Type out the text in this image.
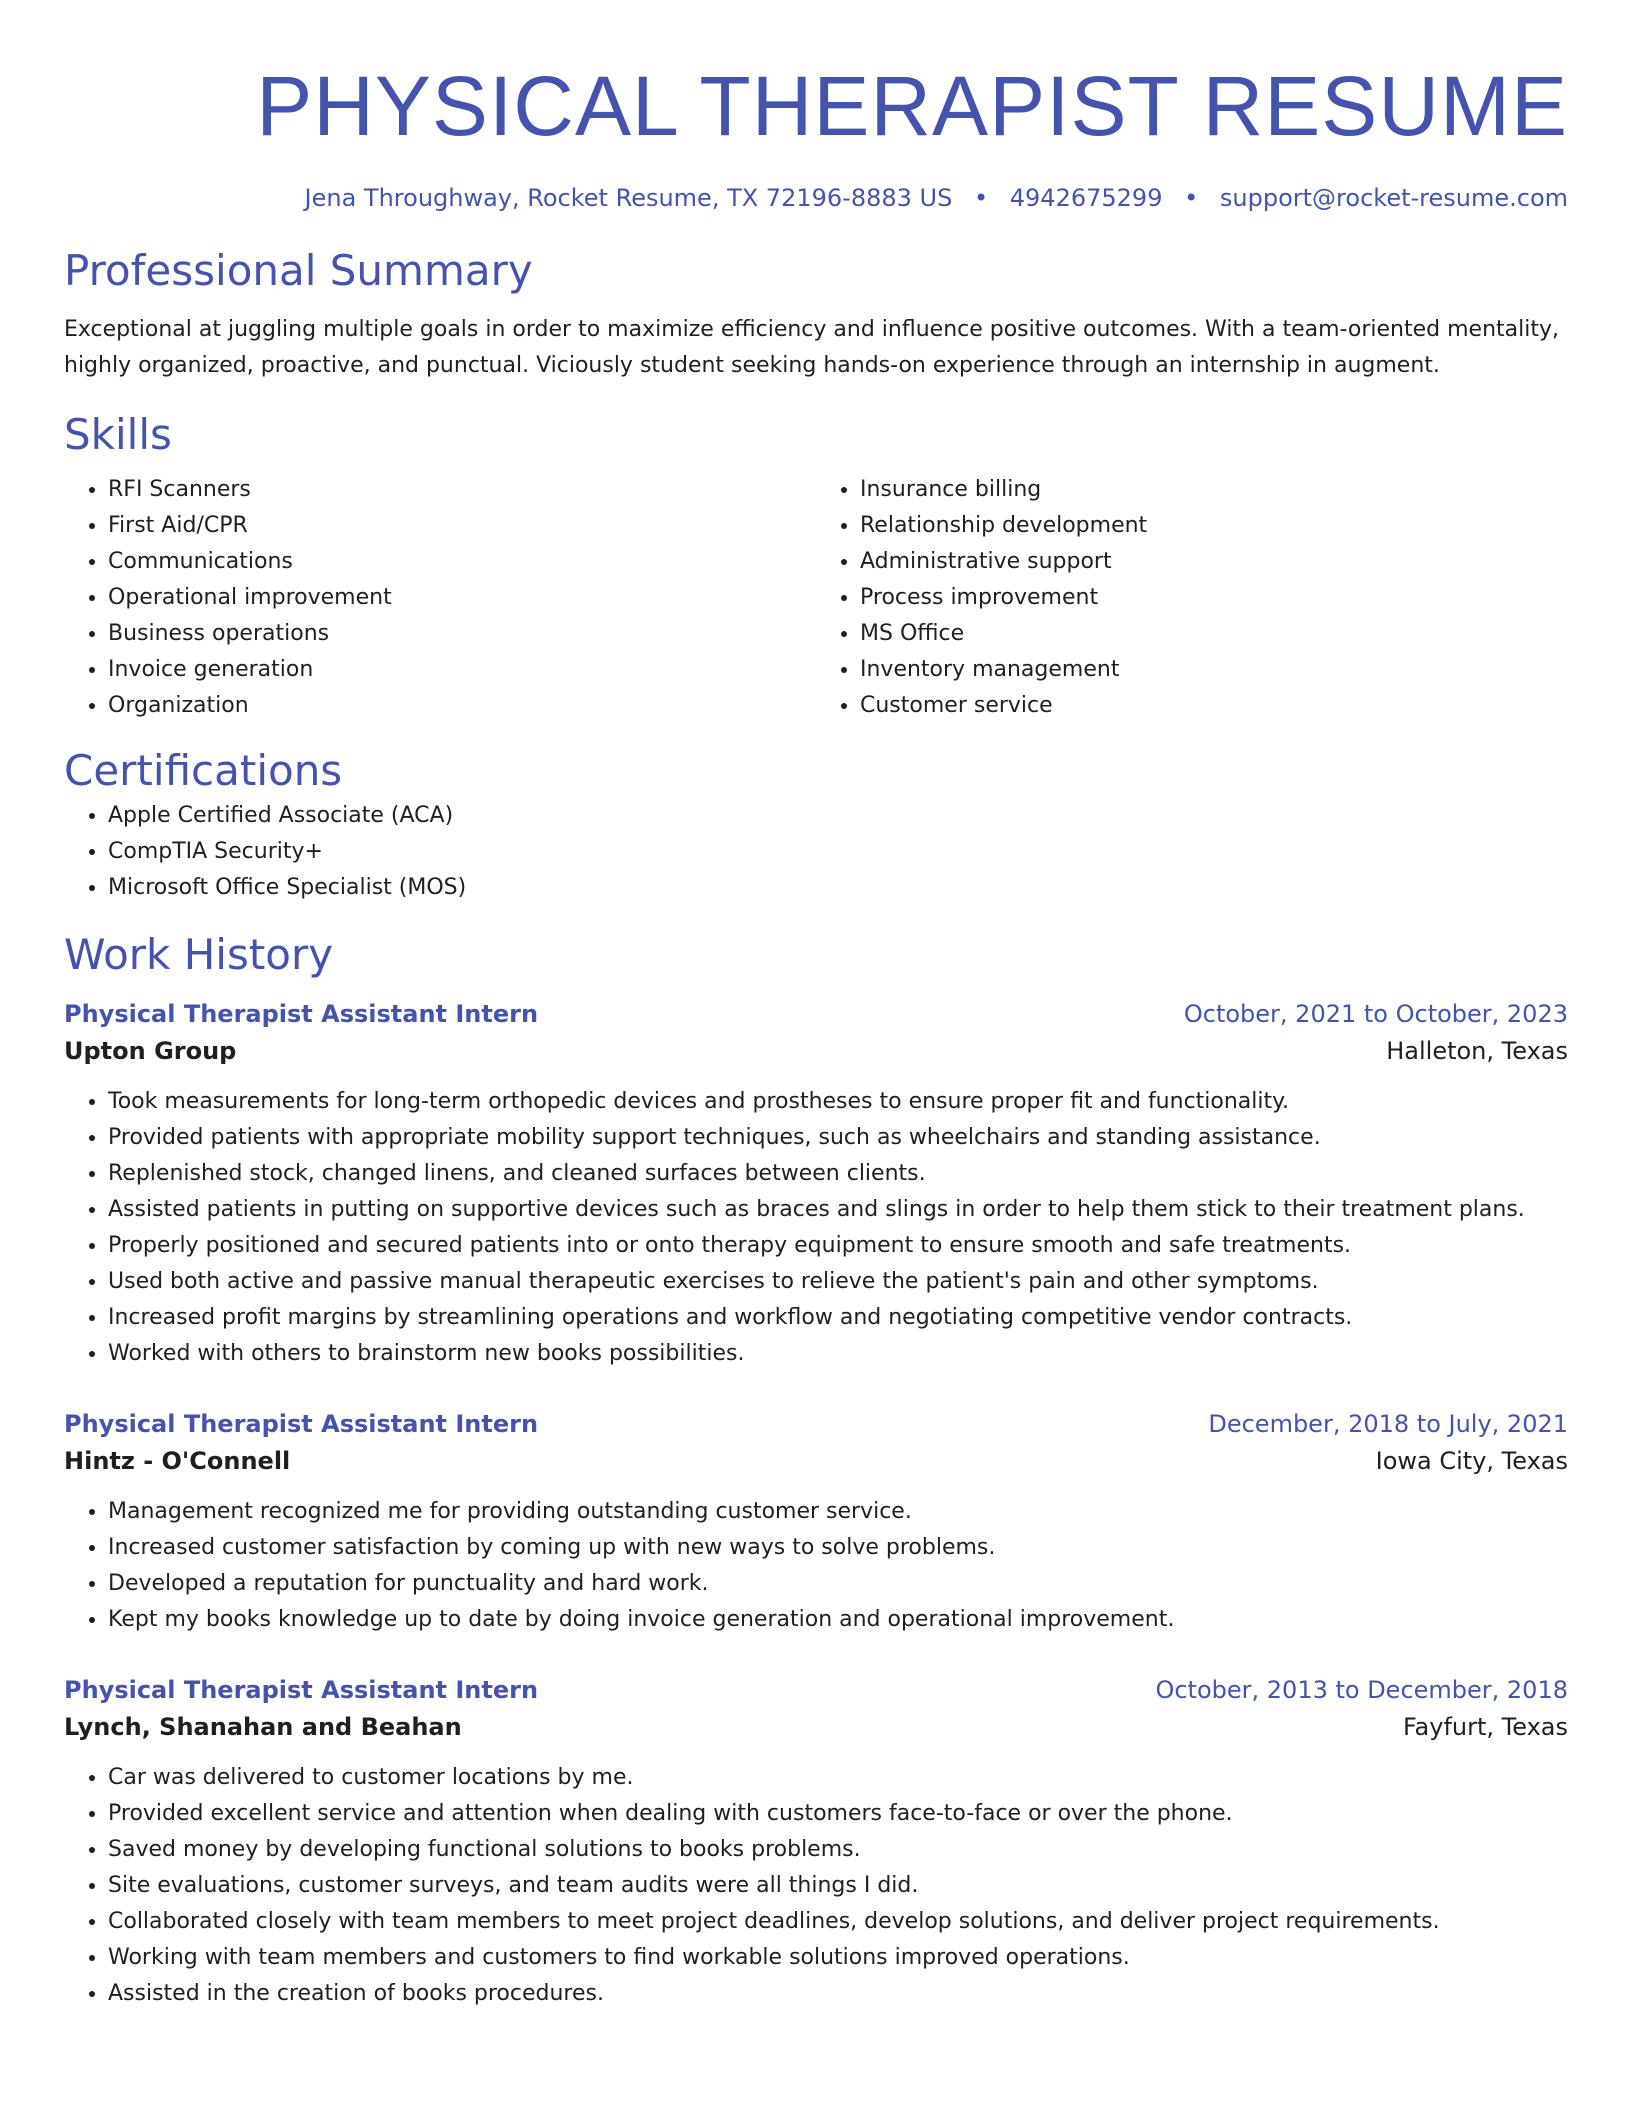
PHYSICAL THERAPIST RESUME
Jena Throughway, Rocket Resume, TX 72196-8883 US • 4942675299 • support@rocket-resume.com
Professional Summary

Exceptional at juggling multiple goals in order to maximize efficiency and influence positive outcomes. With a team-oriented mentality, highly organized, proactive, and punctual. Viciously student seeking hands-on experience through an internship in augment.

Skills
• RFI Scanners
• First Aid/CPR
• Communications
• Operational improvement
• Business operations
• Invoice generation
• Organization
• Insurance billing
• Relationship development
• Administrative support
• Process improvement
• MS Office
• Inventory management
• Customer service
Certifications
• Apple Certified Associate (ACA)
• CompTIA Security+
• Microsoft Office Specialist (MOS)
Work History
Physical Therapist Assistant Intern	October, 2021 to October, 2023
Upton Group	Halleton, Texas
• Took measurements for long-term orthopedic devices and prostheses to ensure proper fit and functionality.
• Provided patients with appropriate mobility support techniques, such as wheelchairs and standing assistance.
• Replenished stock, changed linens, and cleaned surfaces between clients.
• Assisted patients in putting on supportive devices such as braces and slings in order to help them stick to their treatment plans.
• Properly positioned and secured patients into or onto therapy equipment to ensure smooth and safe treatments.
• Used both active and passive manual therapeutic exercises to relieve the patient's pain and other symptoms.
• Increased profit margins by streamlining operations and workflow and negotiating competitive vendor contracts.
• Worked with others to brainstorm new books possibilities.
Physical Therapist Assistant Intern	December, 2018 to July, 2021
Hintz - O'Connell	Iowa City, Texas
• Management recognized me for providing outstanding customer service.
• Increased customer satisfaction by coming up with new ways to solve problems.
• Developed a reputation for punctuality and hard work.
• Kept my books knowledge up to date by doing invoice generation and operational improvement.
Physical Therapist Assistant Intern	October, 2013 to December, 2018
Lynch, Shanahan and Beahan	Fayfurt, Texas
• Car was delivered to customer locations by me.
• Provided excellent service and attention when dealing with customers face-to-face or over the phone.
• Saved money by developing functional solutions to books problems.
• Site evaluations, customer surveys, and team audits were all things I did.
• Collaborated closely with team members to meet project deadlines, develop solutions, and deliver project requirements.
• Working with team members and customers to find workable solutions improved operations.
• Assisted in the creation of books procedures.
